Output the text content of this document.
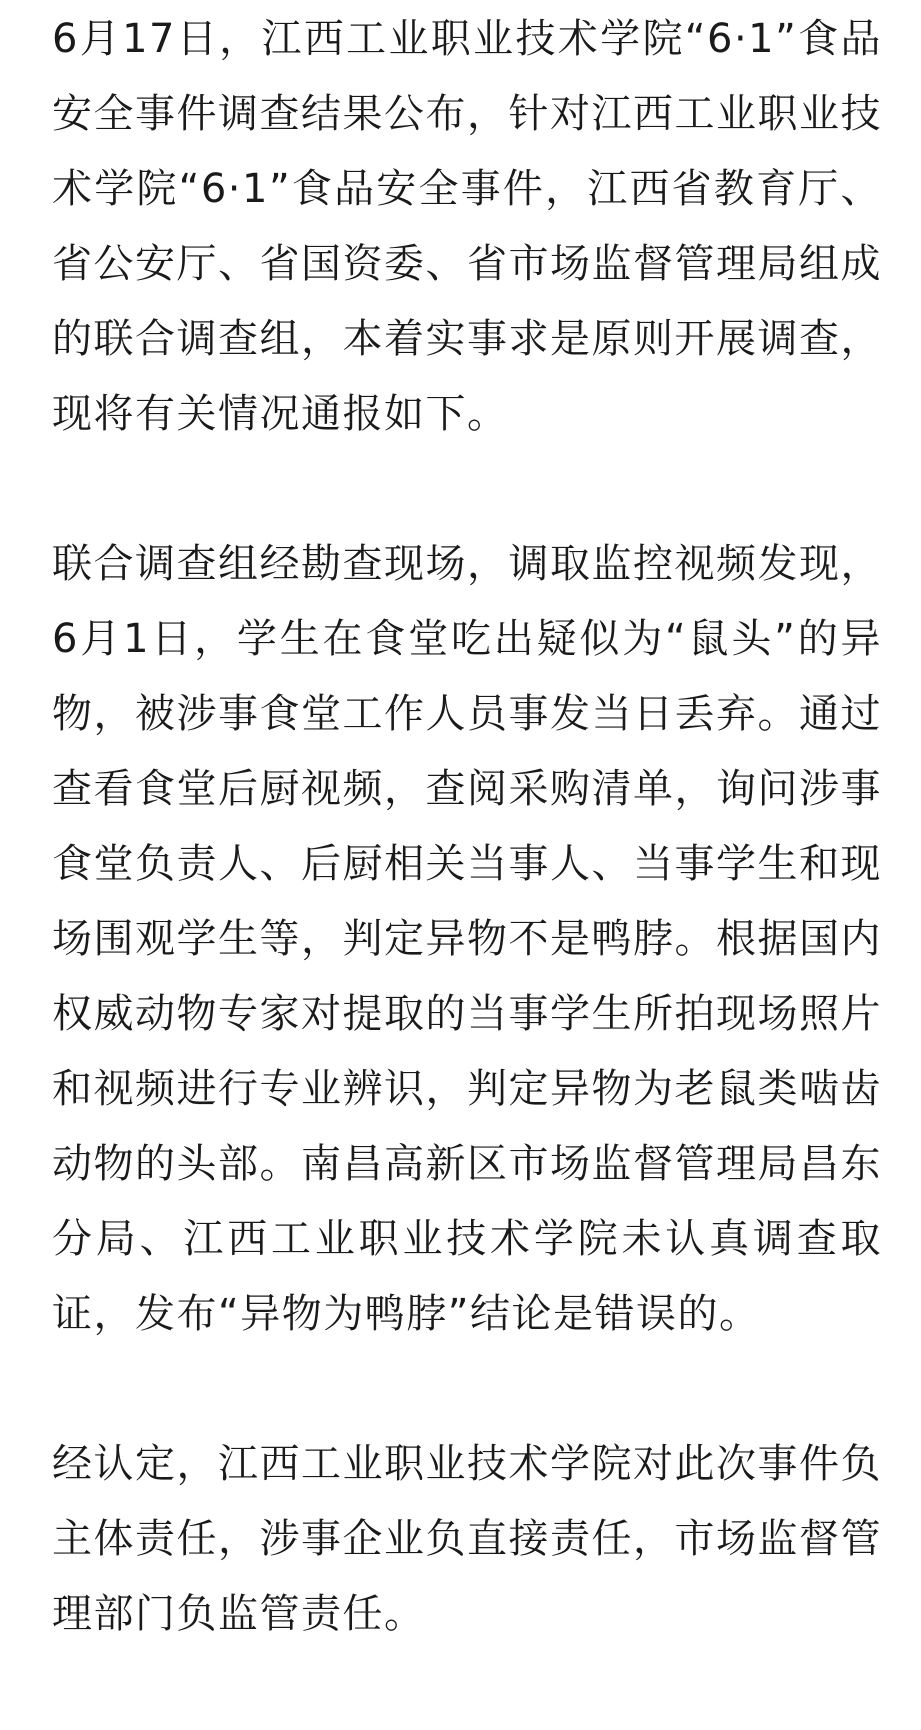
6月17日，江西工业职业技术学院“6·1”食品安全事件调查结果公布，针对江西工业职业技术学院“6·1”食品安全事件，江西省教育厅、省公安厅、省国资委、省市场监督管理局组成的联合调查组，本着实事求是原则开展调查，现将有关情况通报如下。

联合调查组经勘查现场，调取监控视频发现，6月1日，学生在食堂吃出疑似为“鼠头”的异物，被涉事食堂工作人员事发当日丢弃。通过查看食堂后厨视频，查阅采购清单，询问涉事食堂负责人、后厨相关当事人、当事学生和现场围观学生等，判定异物不是鸭脖。根据国内权威动物专家对提取的当事学生所拍现场照片和视频进行专业辨识，判定异物为老鼠类啮齿动物的头部。南昌高新区市场监督管理局昌东分局、江西工业职业技术学院未认真调查取证，发布“异物为鸭脖”结论是错误的。

经认定，江西工业职业技术学院对此次事件负主体责任，涉事企业负直接责任，市场监督管理部门负监管责任。
